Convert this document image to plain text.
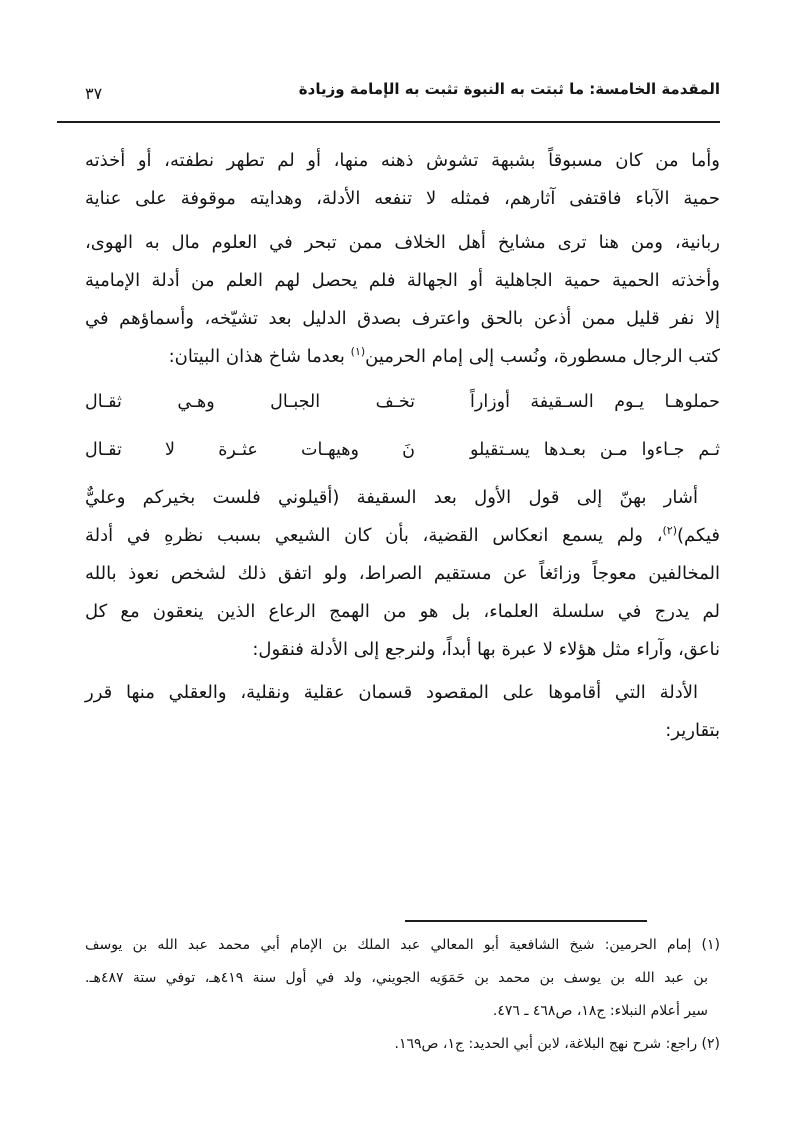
المقدمة الخامسة: ما ثبتت به النبوة تثبت به الإمامة وزيادة
٣٧
وأما من كان مسبوقاً بشبهة تشوش ذهنه منها، أو لم تطهر نطفته، أو أخذته
حمية الآباء فاقتفى آثارهم، فمثله لا تنفعه الأدلة، وهدايته موقوفة على عناية
ربانية، ومن هنا ترى مشايخ أهل الخلاف ممن تبحر في العلوم مال به الهوى،
وأخذته الحمية حمية الجاهلية أو الجهالة فلم يحصل لهم العلم من أدلة الإمامية
إلا نفر قليل ممن أذعن بالحق واعترف بصدق الدليل بعد تشيّخه، وأسماؤهم في
كتب الرجال مسطورة، ونُسب إلى إمام الحرمين$^{(١)}$ بعدما شاخ هذان البيتان:
حملوهـا يـوم السـقيفة أوزاراً
تخـف الجبـال وهـي ثقـال
ثـم جـاءوا مـن بعـدها يسـتقيلو
نَ وهيهـات عثـرة لا تقـال
أشار بهنّ إلى قول الأول بعد السقيفة (أقيلوني فلست بخيركم وعليٌّ
فيكم)$^{(٢)}$، ولم يسمع انعكاس القضية، بأن كان الشيعي بسبب نظرهِ في أدلة
المخالفين معوجاً وزائغاً عن مستقيم الصراط، ولو اتفق ذلك لشخص نعوذ بالله
لم يدرج في سلسلة العلماء، بل هو من الهمج الرعاع الذين ينعقون مع كل
ناعق، وآراء مثل هؤلاء لا عبرة بها أبداً، ولنرجع إلى الأدلة فنقول:
الأدلة التي أقاموها على المقصود قسمان عقلية ونقلية، والعقلي منها قرر
بتقارير:
(١) إمام الحرمين: شيخ الشافعية أبو المعالي عبد الملك بن الإمام أبي محمد عبد الله بن يوسف
بن عبد الله بن يوسف بن محمد بن حَمَوَيه الجويني، ولد في أول سنة ٤١٩هـ، توفي ستة ٤٨٧هـ.
سير أعلام النبلاء: ج١٨، ص٤٦٨ ـ ٤٧٦.
(٢) راجع: شرح نهج البلاغة، لابن أبي الحديد: ج١، ص١٦٩.
